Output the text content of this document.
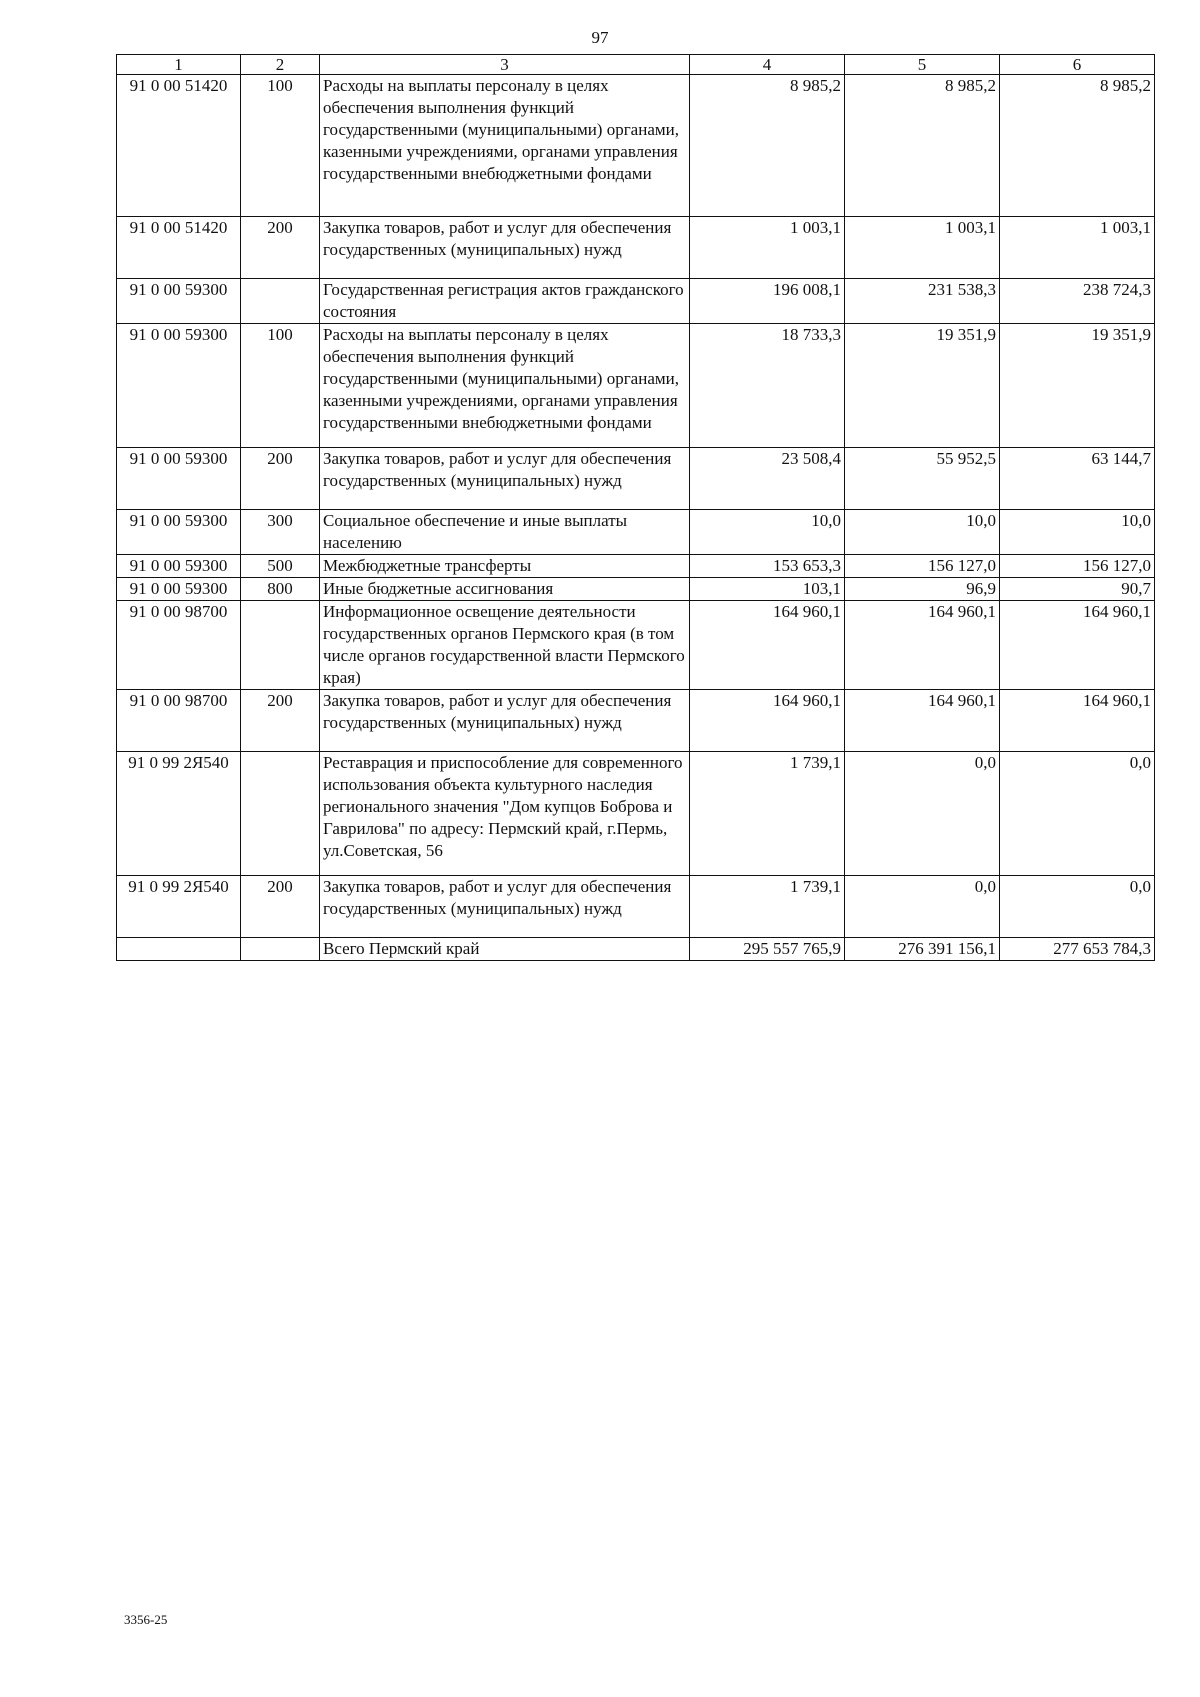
97
1	2	3	4	5	6
91 0 00 51420	100	Расходы на выплаты персоналу в целях обеспечения выполнения функций государственными (муниципальными) органами, казенными учреждениями, органами управления государственными внебюджетными фондами	8 985,2	8 985,2	8 985,2
91 0 00 51420	200	Закупка товаров, работ и услуг для обеспечения государственных (муниципальных) нужд	1 003,1	1 003,1	1 003,1
91 0 00 59300		Государственная регистрация актов гражданского состояния	196 008,1	231 538,3	238 724,3
91 0 00 59300	100	Расходы на выплаты персоналу в целях обеспечения выполнения функций государственными (муниципальными) органами, казенными учреждениями, органами управления государственными внебюджетными фондами	18 733,3	19 351,9	19 351,9
91 0 00 59300	200	Закупка товаров, работ и услуг для обеспечения государственных (муниципальных) нужд	23 508,4	55 952,5	63 144,7
91 0 00 59300	300	Социальное обеспечение и иные выплаты населению	10,0	10,0	10,0
91 0 00 59300	500	Межбюджетные трансферты	153 653,3	156 127,0	156 127,0
91 0 00 59300	800	Иные бюджетные ассигнования	103,1	96,9	90,7
91 0 00 98700		Информационное освещение деятельности государственных органов Пермского края (в том числе органов государственной власти Пермского края)	164 960,1	164 960,1	164 960,1
91 0 00 98700	200	Закупка товаров, работ и услуг для обеспечения государственных (муниципальных) нужд	164 960,1	164 960,1	164 960,1
91 0 99 2Я540		Реставрация и приспособление для современного использования объекта культурного наследия регионального значения "Дом купцов Боброва и Гаврилова" по адресу: Пермский край, г.Пермь, ул.Советская, 56	1 739,1	0,0	0,0
91 0 99 2Я540	200	Закупка товаров, работ и услуг для обеспечения государственных (муниципальных) нужд	1 739,1	0,0	0,0
		Всего Пермский край	295 557 765,9	276 391 156,1	277 653 784,3
3356-25
